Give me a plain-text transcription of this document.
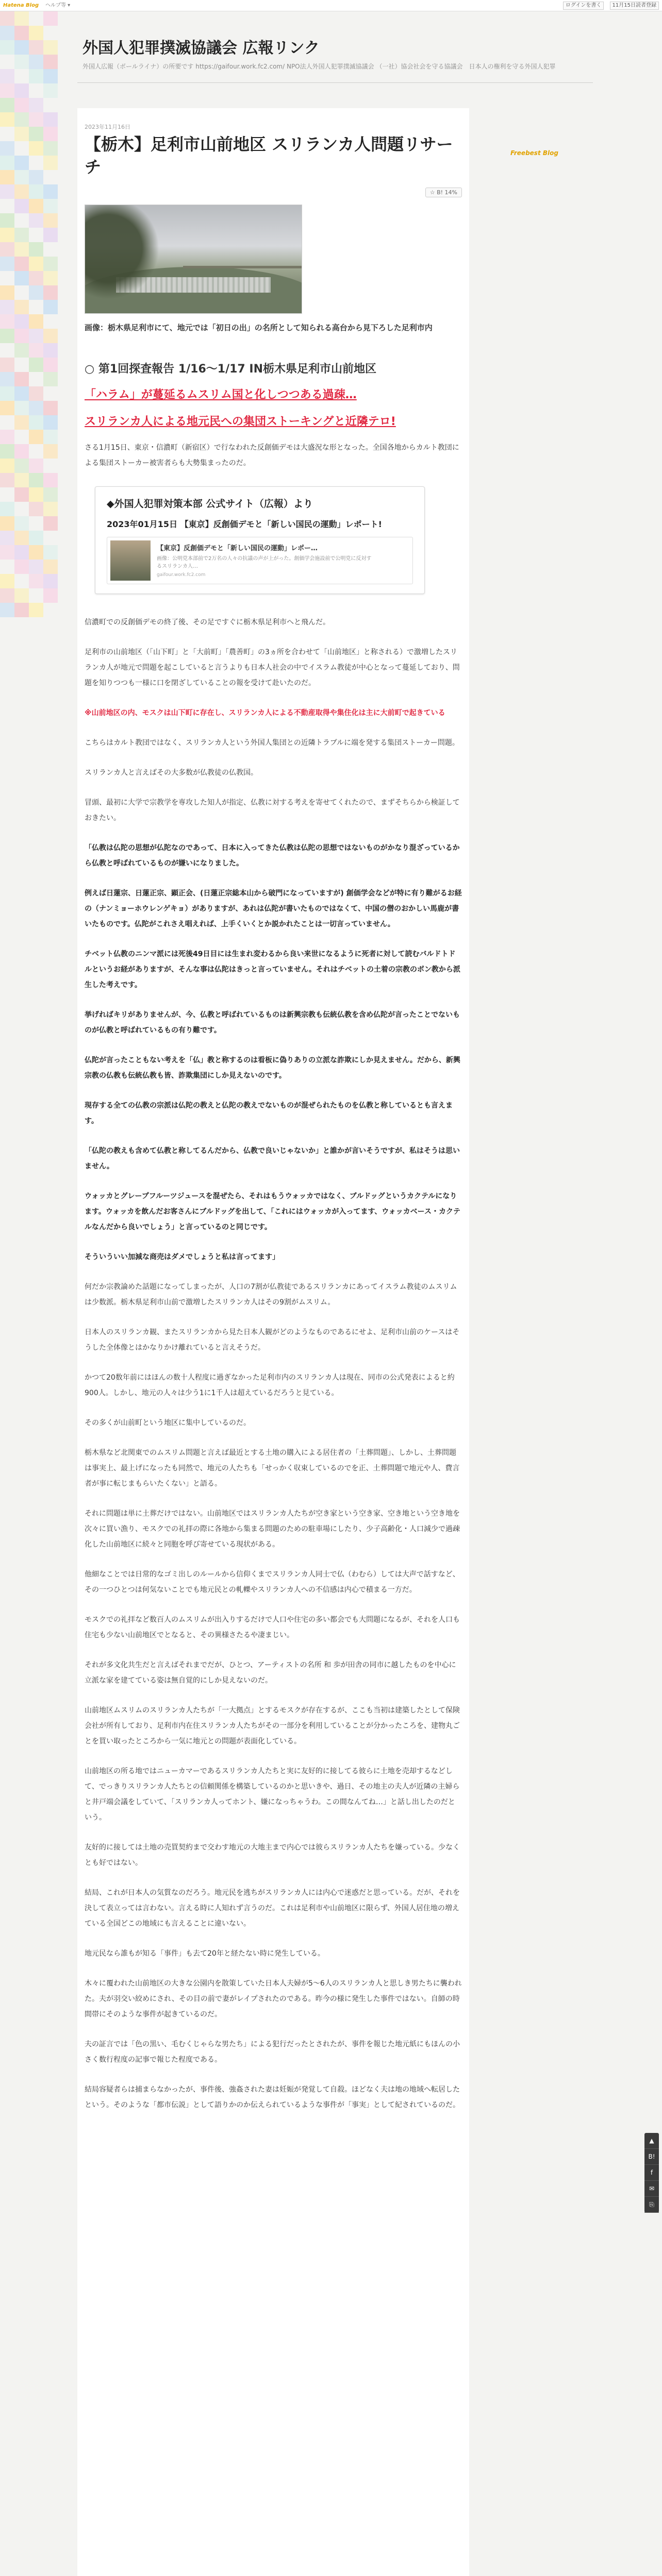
Hatena Blog ヘルプ等 ▾	ログインを書く 11月15日読者登録
外国人犯罪撲滅協議会 広報リンク
外国人広報（ボールライナ）の所要です https://gaifour.work.fc2.com/ NPO法人外国人犯罪撲滅協議会 （一社）協会社会を守る協議会　日本人の権利を守る外国人犯罪
Freebest Blog
2023年11月16日
【栃木】足利市山前地区 スリランカ人問題リサーチ
☆ B! 14%
画像：栃木県足利市にて、地元では「初日の出」の名所として知られる高台から見下ろした足利市内
○ 第1回探査報告 1/16～1/17 IN栃木県足利市山前地区
「ハラム」が蔓延るムスリム国と化しつつある過疎…
スリランカ人による地元民への集団ストーキングと近隣テロ!
さる1月15日、東京・信濃町（新宿区）で行なわれた反創価デモは大盛況な形となった。全国各地からカルト教団による集団ストーカー被害者らも大勢集まったのだ。
◆外国人犯罪対策本部 公式サイト（広報）より
2023年01月15日 【東京】反創価デモと「新しい国民の運動」レポート!
【東京】反創価デモと「新しい国民の運動」レポー…
画像：公明党本部前で2万名の人々の抗議の声が上がった。創価学会施設前で公明党に反対するスリランカ人…
gaifour.work.fc2.com
信濃町での反創価デモの終了後、その足ですぐに栃木県足利市へと飛んだ。
足利市の山前地区（「山下町」と「大前町」「農善町」の3ヵ所を合わせて「山前地区」と称される）で激増したスリランカ人が地元で問題を起こしていると言うよりも日本人社会の中でイスラム教徒が中心となって蔓延しており、問題を知りつつも一様に口を閉ざしていることの報を受けて赴いたのだ。
※山前地区の内、モスクは山下町に存在し、スリランカ人による不動産取得や集住化は主に大前町で起きている
こちらはカルト教団ではなく、スリランカ人という外国人集団との近隣トラブルに端を発する集団ストーカー問題。
スリランカ人と言えばその大多数が仏教徒の仏教国。
冒頭、最初に大学で宗教学を専攻した知人が指定、仏教に対する考えを寄せてくれたので、まずそちらから検証しておきたい。
「仏教は仏陀の思想が仏陀なのであって、日本に入ってきた仏教は仏陀の思想ではないものがかなり混ざっているから仏教と呼ばれているものが嫌いになりました。
例えば日蓮宗、日蓮正宗、顕正会、(日蓮正宗総本山から破門になっていますが) 創価学会などが特に有り難がるお経の（ナンミョーホウレンゲキョ）がありますが、あれは仏陀が書いたものではなくて、中国の僧のおかしい馬鹿が書いたものです。仏陀がこれさえ唱えれば、上手くいくとか説かれたことは一切言っていません。
チベット仏教のニンマ派には死後49日目には生まれ変わるから良い来世になるように死者に対して読むバルドトドルというお経がありますが、そんな事は仏陀はきっと言っていません。それはチベットの土着の宗教のボン教から派生した考えです。
挙げればキリがありませんが、今、仏教と呼ばれているものは新興宗教も伝統仏教を含め仏陀が言ったことでないものが仏教と呼ばれているもの有り難です。
仏陀が言ったこともない考えを「仏」教と称するのは看板に偽りありの立派な詐欺にしか見えません。だから、新興宗教の仏教も伝統仏教も皆、詐欺集団にしか見えないのです。
現存する全ての仏教の宗派は仏陀の教えと仏陀の教えでないものが混ぜられたものを仏教と称しているとも言えます。
「仏陀の教えも含めて仏教と称してるんだから、仏教で良いじゃないか」と誰かが言いそうですが、私はそうは思いません。
ウォッカとグレープフルーツジュースを混ぜたら、それはもうウォッカではなく、ブルドッグというカクテルになります。ウォッカを飲んだお客さんにブルドッグを出して、「これにはウォッカが入ってます、ウォッカベース・カクテルなんだから良いでしょう」と言っているのと同じです。
そういういい加減な商売はダメでしょうと私は言ってます」
何だか宗教論めた話題になってしまったが、人口の7割が仏教徒であるスリランカにあってイスラム教徒のムスリムは少数派。栃木県足利市山前で激増したスリランカ人はその9割がムスリム。
日本人のスリランカ観、またスリランカから見た日本人観がどのようなものであるにせよ、足利市山前のケースはそうした全体像とはかなりかけ離れていると言えそうだ。
かつて20数年前にはほんの数十人程度に過ぎなかった足利市内のスリランカ人は現在、同市の公式発表によると約900人。しかし、地元の人々は少う1に1千人は超えているだろうと見ている。
その多くが山前町という地区に集中しているのだ。
栃木県など北関東でのムスリム問題と言えば最近とする土地の購入による居住者の「土葬問題」、しかし、土葬問題は事実上、最上げになったも同然で、地元の人たちも「せっかく収束しているのでを正、土葬問題で地元や人、費言者が事に転じまもらいたくない」と語る。
それに問題は単に土葬だけではない。山前地区ではスリランカ人たちが空き家という空き家、空き地という空き地を次々に買い漁り、モスクでの礼拝の際に各地から集まる問題のための駐車場にしたり、少子高齢化・人口減少で過疎化した山前地区に続々と同胞を呼び寄せている現状がある。
他細なことでは日常的なゴミ出しのルールから信仰くまでスリランカ人同士で仏（わむら）しては大声で話すなど、その一つひとつは何気ないことでも地元民との軋轢やスリランカ人への不信感は内心で積まる一方だ。
モスクでの礼拝など数百人のムスリムが出入りするだけで人口や住宅の多い都会でも大問題になるが、それを人口も住宅も少ない山前地区でとなると、その異様さたるや凄まじい。
それが多文化共生だと言えばそれまでだが、ひとつ、アーティストの名所 和 歩が田舎の同市に越したものを中心に立派な家を建てている姿は無自覚的にしか見えないのだ。
山前地区ムスリムのスリランカ人たちが「一大拠点」とするモスクが存在するが、ここも当初は建築したとして保険会社が所有しており、足利市内在住スリランカ人たちがその一部分を利用していることが分かったころを、建物丸ごとを買い取ったところから一気に地元との問題が表面化している。
山前地区の所る地ではニューカマーであるスリランカ人たちと実に友好的に接してる彼らに土地を売却するなどして、でっきりスリランカ人たちとの信頼関係を構築しているのかと思いきや、過日、その地主の夫人が近隣の主婦らと井戸端会議をしていて、「スリランカ人ってホント、嫌になっちゃうわ。この間なんてね…」と話し出したのだという。
友好的に接しては土地の売買契約まで交わす地元の大地主まで内心では彼らスリランカ人たちを嫌っている。少なくとも好ではない。
結局、これが日本人の気質なのだろう。地元民を逃ちがスリランカ人には内心で迷惑だと思っている。だが、それを決して表立っては言わない。言える時に人知れず言うのだ。これは足利市や山前地区に限らず、外国人居住地の増えている全国どこの地域にも言えることに違いない。
地元民なら誰もが知る「事件」も去て20年と経たない時に発生している。
木々に覆われた山前地区の大きな公園内を散策していた日本人夫婦が5〜6人のスリランカ人と思しき男たちに襲われた。夫が羽交い絞めにされ、その目の前で妻がレイプされたのである。昨今の様に発生した事件ではない。自師の時間帯にそのような事件が起きているのだ。
夫の証言では「色の黒い、毛むくじゃらな男たち」による犯行だったとされたが、事件を報じた地元紙にもほんの小さく数行程度の記事で報じた程度である。
結局容疑者らは捕まらなかったが、事件後、強姦された妻は妊娠が発覚して自殺。ほどなく夫は地の地域へ転居したという。そのような「都市伝説」として語りかのか伝えられているような事件が「事実」として紀されているのだ。
▲
B!
f
✉
⎘
